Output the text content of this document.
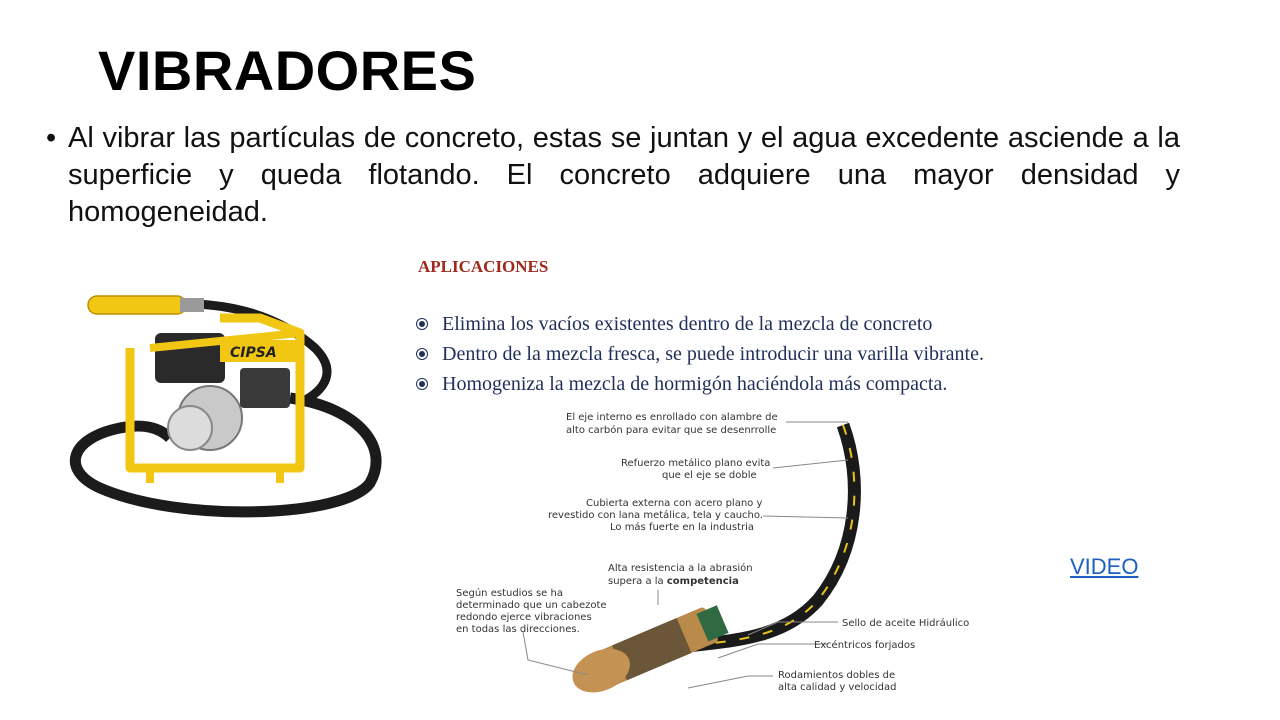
VIBRADORES
• Al vibrar las partículas de concreto, estas se juntan y el agua excedente asciende a la superficie y queda flotando. El concreto adquiere una mayor densidad y homogeneidad.

APLICACIONES
Elimina los vacíos existentes dentro de la mezcla de concreto
Dentro de la mezcla fresca, se puede introducir una varilla vibrante.
Homogeniza la mezcla de hormigón haciéndola más compacta.
VIDEO
CIPSA
El eje interno es enrollado con alambre de
alto carbón para evitar que se desenrrolle
Refuerzo metálico plano evita
que el eje se doble
Cubierta externa con acero plano y
revestido con lana metálica, tela y caucho.
Lo más fuerte en la industria
Alta resistencia a la abrasión
supera a la competencia
Según estudios se ha
determinado que un cabezote
redondo ejerce vibraciones
en todas las direcciones.
Sello de aceite Hidráulico
Excéntricos forjados
Rodamientos dobles de
alta calidad y velocidad
